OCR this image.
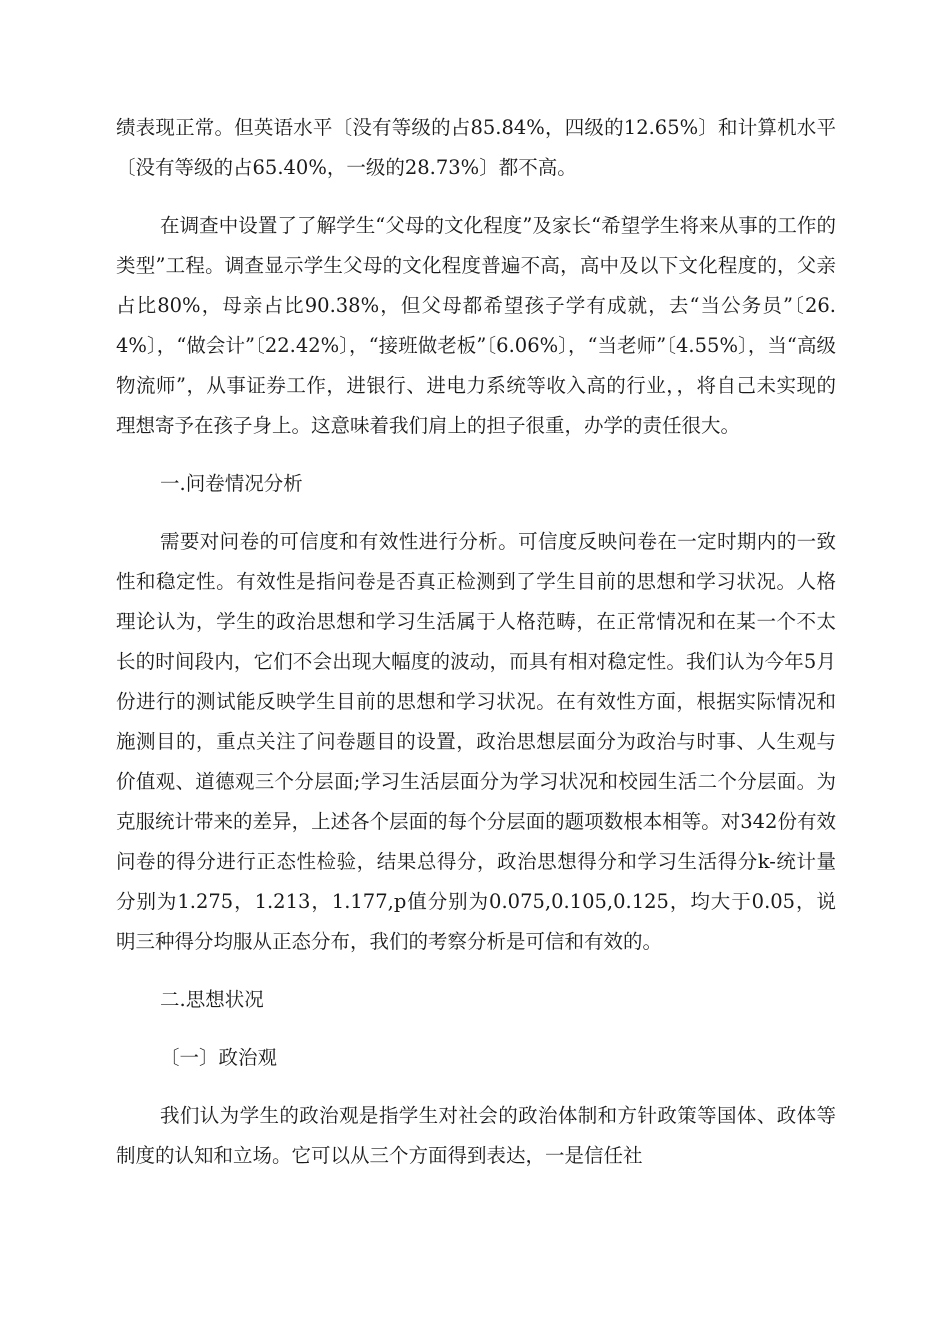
绩表现正常。但英语水平〔没有等级的占85.84%，四级的12.65%〕和计算机水平〔没有等级的占65.40%，一级的28.73%〕都不高。

在调查中设置了了解学生“父母的文化程度”及家长“希望学生将来从事的工作的类型”工程。调查显示学生父母的文化程度普遍不高，高中及以下文化程度的，父亲占比80%，母亲占比90.38%，但父母都希望孩子学有成就，去“当公务员”〔26.4%〕，“做会计”〔22.42%〕，“接班做老板”〔6.06%〕，“当老师”〔4.55%〕，当“高级物流师”，从事证券工作，进银行、进电力系统等收入高的行业，，将自己未实现的理想寄予在孩子身上。这意味着我们肩上的担子很重，办学的责任很大。

一.问卷情况分析

需要对问卷的可信度和有效性进行分析。可信度反映问卷在一定时期内的一致性和稳定性。有效性是指问卷是否真正检测到了学生目前的思想和学习状况。人格理论认为，学生的政治思想和学习生活属于人格范畴，在正常情况和在某一个不太长的时间段内，它们不会出现大幅度的波动，而具有相对稳定性。我们认为今年5月份进行的测试能反映学生目前的思想和学习状况。在有效性方面，根据实际情况和施测目的，重点关注了问卷题目的设置，政治思想层面分为政治与时事、人生观与价值观、道德观三个分层面;学习生活层面分为学习状况和校园生活二个分层面。为克服统计带来的差异，上述各个层面的每个分层面的题项数根本相等。对342份有效问卷的得分进行正态性检验，结果总得分，政治思想得分和学习生活得分k-统计量分别为1.275，1.213，1.177,p值分别为0.075,0.105,0.125，均大于0.05，说明三种得分均服从正态分布，我们的考察分析是可信和有效的。

二.思想状况

〔一〕政治观

我们认为学生的政治观是指学生对社会的政治体制和方针政策等国体、政体等制度的认知和立场。它可以从三个方面得到表达，一是信任社
